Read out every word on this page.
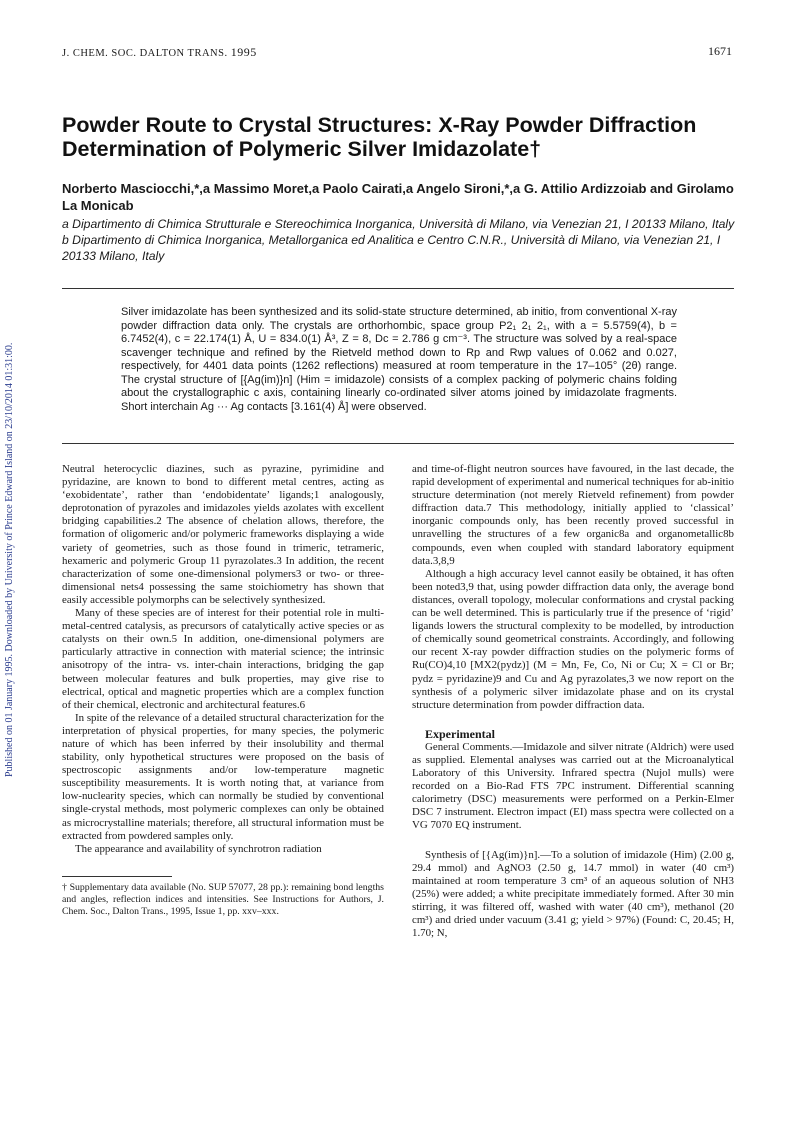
J. CHEM. SOC. DALTON TRANS. 1995	1671
Published on 01 January 1995. Downloaded by University of Prince Edward Island on 23/10/2014 01:31:00.
Powder Route to Crystal Structures: X-Ray Powder Diffraction Determination of Polymeric Silver Imidazolate†
Norberto Masciocchi,*,a Massimo Moret,a Paolo Cairati,a Angelo Sironi,*,a G. Attilio Ardizzoiab and Girolamo La Monicab
a Dipartimento di Chimica Strutturale e Stereochimica Inorganica, Università di Milano, via Venezian 21, I 20133 Milano, Italy
b Dipartimento di Chimica Inorganica, Metallorganica ed Analitica e Centro C.N.R., Università di Milano, via Venezian 21, I 20133 Milano, Italy
Silver imidazolate has been synthesized and its solid-state structure determined, ab initio, from conventional X-ray powder diffraction data only. The crystals are orthorhombic, space group P2₁ 2₁ 2₁, with a = 5.5759(4), b = 6.7452(4), c = 22.174(1) Å, U = 834.0(1) Å³, Z = 8, Dc = 2.786 g cm⁻³. The structure was solved by a real-space scavenger technique and refined by the Rietveld method down to Rp and Rwp values of 0.062 and 0.027, respectively, for 4401 data points (1262 reflections) measured at room temperature in the 17–105° (2θ) range. The crystal structure of [{Ag(im)}n] (Him = imidazole) consists of a complex packing of polymeric chains folding about the crystallographic c axis, containing linearly co-ordinated silver atoms joined by imidazolate fragments. Short interchain Ag ··· Ag contacts [3.161(4) Å] were observed.

Neutral heterocyclic diazines, such as pyrazine, pyrimidine and pyridazine, are known to bond to different metal centres, acting as ‘exobidentate’, rather than ‘endobidentate’ ligands;1 analogously, deprotonation of pyrazoles and imidazoles yields azolates with excellent bridging capabilities.2 The absence of chelation allows, therefore, the formation of oligomeric and/or polymeric frameworks displaying a wide variety of geometries, such as those found in trimeric, tetrameric, hexameric and polymeric Group 11 pyrazolates.3 In addition, the recent characterization of some one-dimensional polymers3 or two- or three-dimensional nets4 possessing the same stoichiometry has shown that easily accessible polymorphs can be selectively synthesized.

Many of these species are of interest for their potential role in multi-metal-centred catalysis, as precursors of catalytically active species or as catalysts on their own.5 In addition, one-dimensional polymers are particularly attractive in connection with material science; the intrinsic anisotropy of the intra- vs. inter-chain interactions, bridging the gap between molecular features and bulk properties, may give rise to electrical, optical and magnetic properties which are a complex function of their chemical, electronic and architectural features.6

In spite of the relevance of a detailed structural characterization for the interpretation of physical properties, for many species, the polymeric nature of which has been inferred by their insolubility and thermal stability, only hypothetical structures were proposed on the basis of spectroscopic assignments and/or low-temperature magnetic susceptibility measurements. It is worth noting that, at variance from low-nuclearity species, which can normally be studied by conventional single-crystal methods, most polymeric complexes can only be obtained as microcrystalline materials; therefore, all structural information must be extracted from powdered samples only.

The appearance and availability of synchrotron radiation

† Supplementary data available (No. SUP 57077, 28 pp.): remaining bond lengths and angles, reflection indices and intensities. See Instructions for Authors, J. Chem. Soc., Dalton Trans., 1995, Issue 1, pp. xxv–xxx.

and time-of-flight neutron sources have favoured, in the last decade, the rapid development of experimental and numerical techniques for ab-initio structure determination (not merely Rietveld refinement) from powder diffraction data.7 This methodology, initially applied to ‘classical’ inorganic compounds only, has been recently proved successful in unravelling the structures of a few organic8a and organometallic8b compounds, even when coupled with standard laboratory equipment data.3,8,9

Although a high accuracy level cannot easily be obtained, it has often been noted3,9 that, using powder diffraction data only, the average bond distances, overall topology, molecular conformations and crystal packing can be well determined. This is particularly true if the presence of ‘rigid’ ligands lowers the structural complexity to be modelled, by introduction of chemically sound geometrical constraints. Accordingly, and following our recent X-ray powder diffraction studies on the polymeric forms of Ru(CO)4,10 [MX2(pydz)] (M = Mn, Fe, Co, Ni or Cu; X = Cl or Br; pydz = pyridazine)9 and Cu and Ag pyrazolates,3 we now report on the synthesis of a polymeric silver imidazolate phase and on its crystal structure determination from powder diffraction data.

Experimental

General Comments.—Imidazole and silver nitrate (Aldrich) were used as supplied. Elemental analyses was carried out at the Microanalytical Laboratory of this University. Infrared spectra (Nujol mulls) were recorded on a Bio-Rad FTS 7PC instrument. Differential scanning calorimetry (DSC) measurements were performed on a Perkin-Elmer DSC 7 instrument. Electron impact (EI) mass spectra were collected on a VG 7070 EQ instrument.

Synthesis of [{Ag(im)}n].—To a solution of imidazole (Him) (2.00 g, 29.4 mmol) and AgNO3 (2.50 g, 14.7 mmol) in water (40 cm³) maintained at room temperature 3 cm³ of an aqueous solution of NH3 (25%) were added; a white precipitate immediately formed. After 30 min stirring, it was filtered off, washed with water (40 cm³), methanol (20 cm³) and dried under vacuum (3.41 g; yield > 97%) (Found: C, 20.45; H, 1.70; N,
